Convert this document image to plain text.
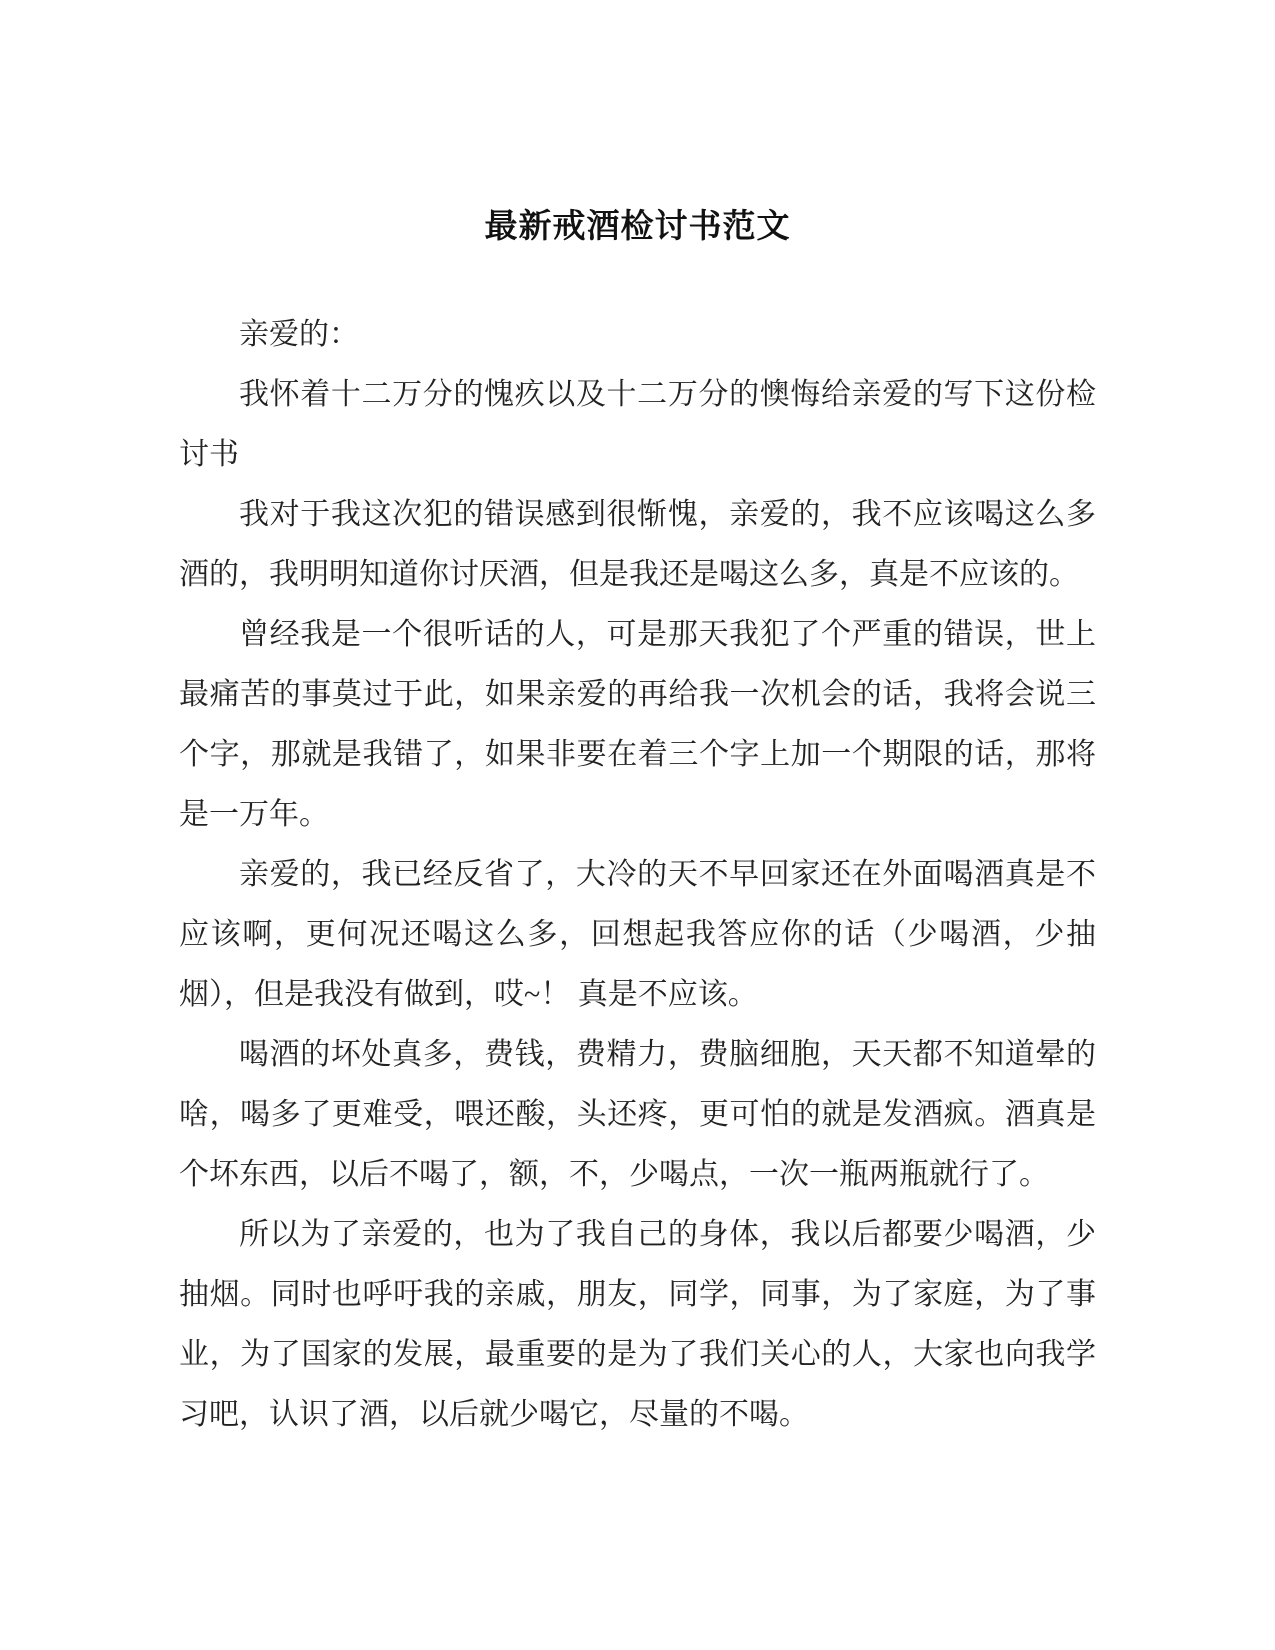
最新戒酒检讨书范文

亲爱的：

我怀着十二万分的愧疚以及十二万分的懊悔给亲爱的写下这份检讨书

我对于我这次犯的错误感到很惭愧，亲爱的，我不应该喝这么多酒的，我明明知道你讨厌酒，但是我还是喝这么多，真是不应该的。

曾经我是一个很听话的人，可是那天我犯了个严重的错误，世上最痛苦的事莫过于此，如果亲爱的再给我一次机会的话，我将会说三个字，那就是我错了，如果非要在着三个字上加一个期限的话，那将是一万年。

亲爱的，我已经反省了，大冷的天不早回家还在外面喝酒真是不应该啊，更何况还喝这么多，回想起我答应你的话（少喝酒，少抽烟），但是我没有做到，哎~！ 真是不应该。

喝酒的坏处真多，费钱，费精力，费脑细胞，天天都不知道晕的啥，喝多了更难受，喂还酸，头还疼，更可怕的就是发酒疯。酒真是个坏东西，以后不喝了，额，不，少喝点，一次一瓶两瓶就行了。

所以为了亲爱的，也为了我自己的身体，我以后都要少喝酒，少抽烟。同时也呼吁我的亲戚，朋友，同学，同事，为了家庭，为了事业，为了国家的发展，最重要的是为了我们关心的人，大家也向我学习吧，认识了酒，以后就少喝它，尽量的不喝。
